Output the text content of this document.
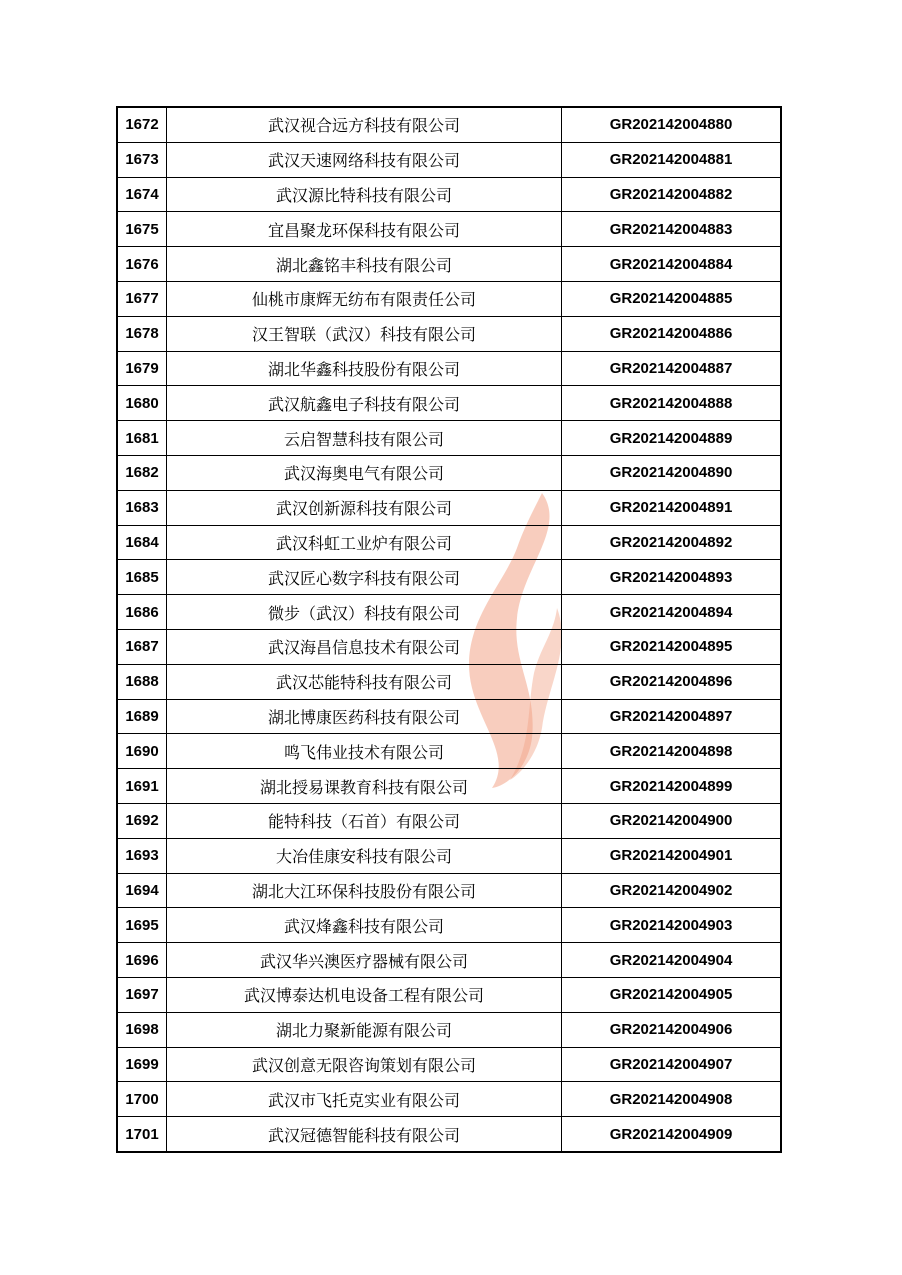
1672	武汉视合远方科技有限公司	GR202142004880
1673	武汉天速网络科技有限公司	GR202142004881
1674	武汉源比特科技有限公司	GR202142004882
1675	宜昌聚龙环保科技有限公司	GR202142004883
1676	湖北鑫铭丰科技有限公司	GR202142004884
1677	仙桃市康辉无纺布有限责任公司	GR202142004885
1678	汉王智联（武汉）科技有限公司	GR202142004886
1679	湖北华鑫科技股份有限公司	GR202142004887
1680	武汉航鑫电子科技有限公司	GR202142004888
1681	云启智慧科技有限公司	GR202142004889
1682	武汉海奥电气有限公司	GR202142004890
1683	武汉创新源科技有限公司	GR202142004891
1684	武汉科虹工业炉有限公司	GR202142004892
1685	武汉匠心数字科技有限公司	GR202142004893
1686	微步（武汉）科技有限公司	GR202142004894
1687	武汉海昌信息技术有限公司	GR202142004895
1688	武汉芯能特科技有限公司	GR202142004896
1689	湖北博康医药科技有限公司	GR202142004897
1690	鸣飞伟业技术有限公司	GR202142004898
1691	湖北授易课教育科技有限公司	GR202142004899
1692	能特科技（石首）有限公司	GR202142004900
1693	大冶佳康安科技有限公司	GR202142004901
1694	湖北大江环保科技股份有限公司	GR202142004902
1695	武汉烽鑫科技有限公司	GR202142004903
1696	武汉华兴澳医疗器械有限公司	GR202142004904
1697	武汉博泰达机电设备工程有限公司	GR202142004905
1698	湖北力聚新能源有限公司	GR202142004906
1699	武汉创意无限咨询策划有限公司	GR202142004907
1700	武汉市飞托克实业有限公司	GR202142004908
1701	武汉冠德智能科技有限公司	GR202142004909
